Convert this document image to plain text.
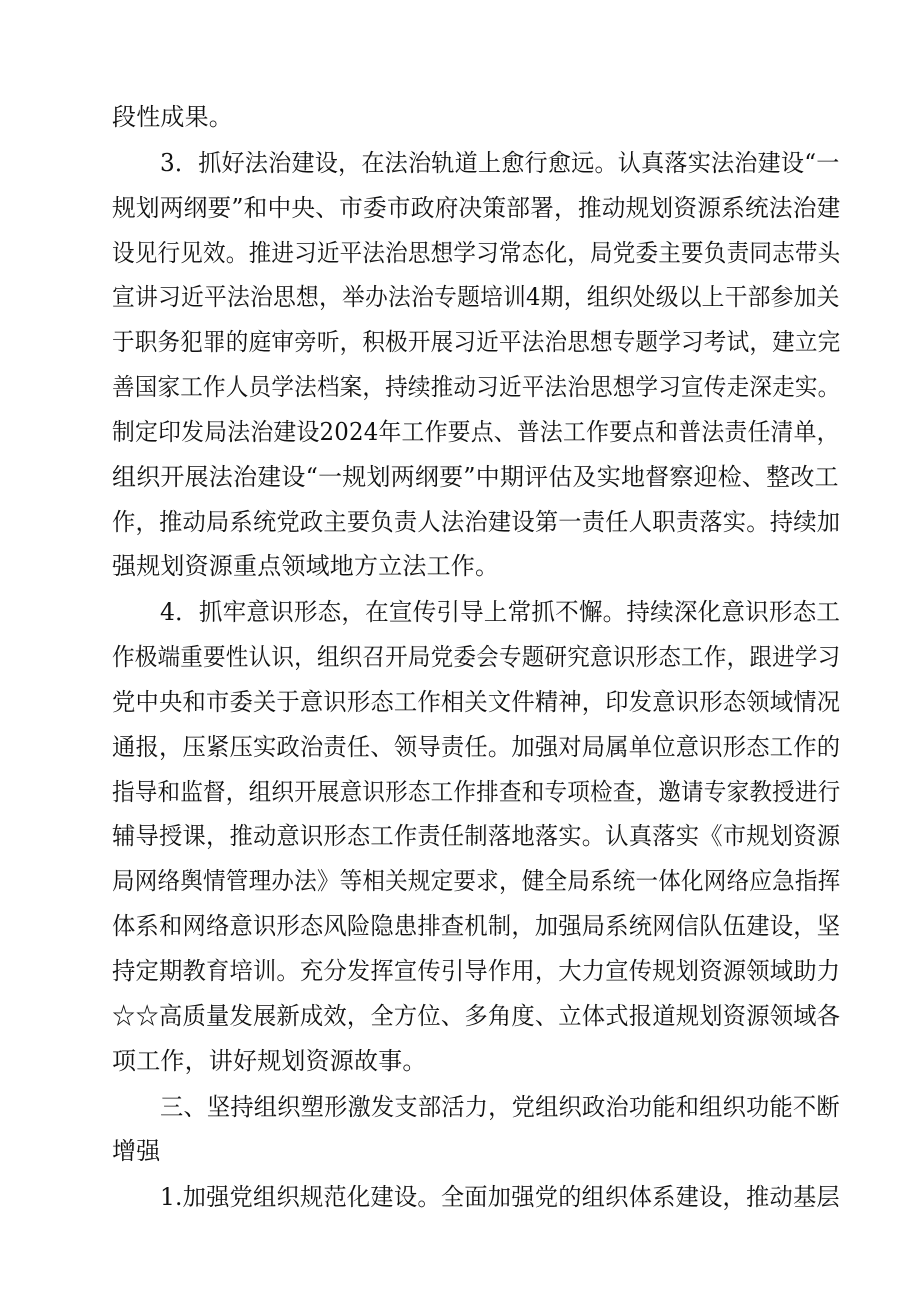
段性成果。
3．抓好法治建设，在法治轨道上愈行愈远。认真落实法治建设“一
规划两纲要”和中央、市委市政府决策部署，推动规划资源系统法治建
设见行见效。推进习近平法治思想学习常态化，局党委主要负责同志带头
宣讲习近平法治思想，举办法治专题培训4期，组织处级以上干部参加关
于职务犯罪的庭审旁听，积极开展习近平法治思想专题学习考试，建立完
善国家工作人员学法档案，持续推动习近平法治思想学习宣传走深走实。
制定印发局法治建设2024年工作要点、普法工作要点和普法责任清单，
组织开展法治建设“一规划两纲要”中期评估及实地督察迎检、整改工
作，推动局系统党政主要负责人法治建设第一责任人职责落实。持续加
强规划资源重点领域地方立法工作。
4．抓牢意识形态，在宣传引导上常抓不懈。持续深化意识形态工
作极端重要性认识，组织召开局党委会专题研究意识形态工作，跟进学习
党中央和市委关于意识形态工作相关文件精神，印发意识形态领域情况
通报，压紧压实政治责任、领导责任。加强对局属单位意识形态工作的
指导和监督，组织开展意识形态工作排查和专项检查，邀请专家教授进行
辅导授课，推动意识形态工作责任制落地落实。认真落实《市规划资源
局网络舆情管理办法》等相关规定要求，健全局系统一体化网络应急指挥
体系和网络意识形态风险隐患排查机制，加强局系统网信队伍建设，坚
持定期教育培训。充分发挥宣传引导作用，大力宣传规划资源领域助力
☆☆高质量发展新成效，全方位、多角度、立体式报道规划资源领域各
项工作，讲好规划资源故事。
三、坚持组织塑形激发支部活力，党组织政治功能和组织功能不断
增强
1.加强党组织规范化建设。全面加强党的组织体系建设，推动基层
